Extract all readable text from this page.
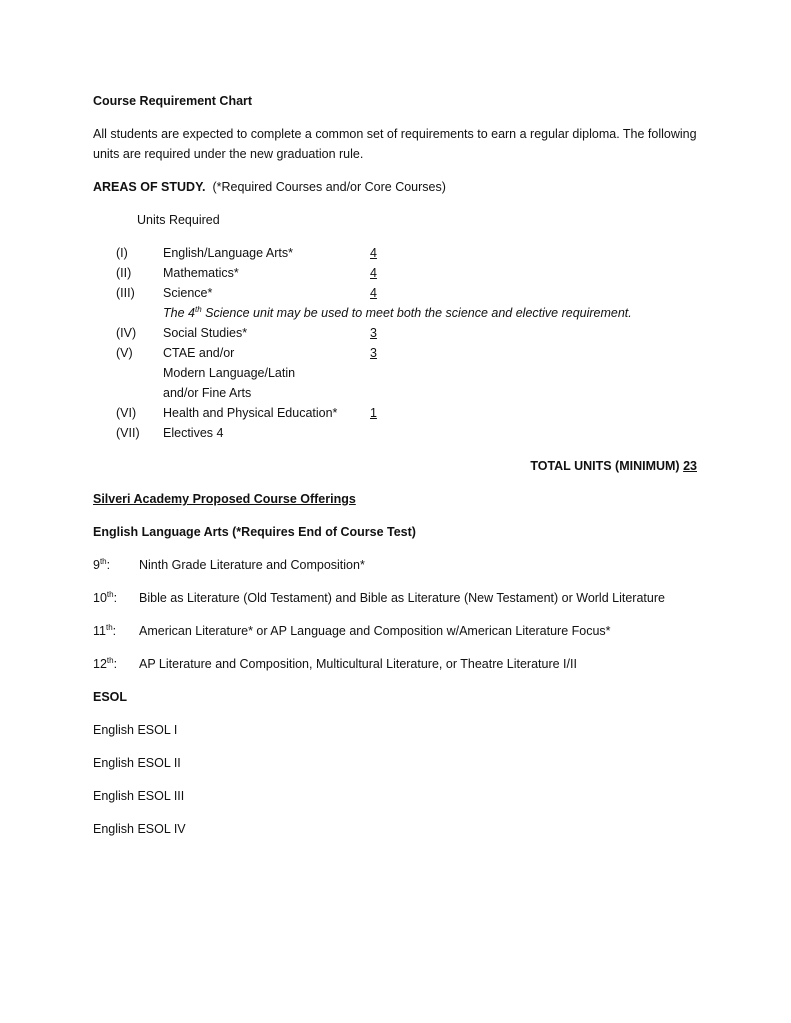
Course Requirement Chart
All students are expected to complete a common set of requirements to earn a regular diploma. The following units are required under the new graduation rule.
AREAS OF STUDY. (*Required Courses and/or Core Courses)
Units Required
(I)	English/Language Arts*	4
(II)	Mathematics*	4
(III)	Science*	4
The 4th Science unit may be used to meet both the science and elective requirement.
(IV)	Social Studies*	3
(V)	CTAE and/or	3
Modern Language/Latin
and/or Fine Arts
(VI)	Health and Physical Education*	1
(VII)	Electives 4
TOTAL UNITS (MINIMUM) 23
Silveri Academy Proposed Course Offerings
English Language Arts (*Requires End of Course Test)
9th:	Ninth Grade Literature and Composition*
10th:	Bible as Literature (Old Testament) and Bible as Literature (New Testament) or World Literature
11th:	American Literature* or AP Language and Composition w/American Literature Focus*
12th:	AP Literature and Composition, Multicultural Literature, or Theatre Literature I/II
ESOL
English ESOL I
English ESOL II
English ESOL III
English ESOL IV
